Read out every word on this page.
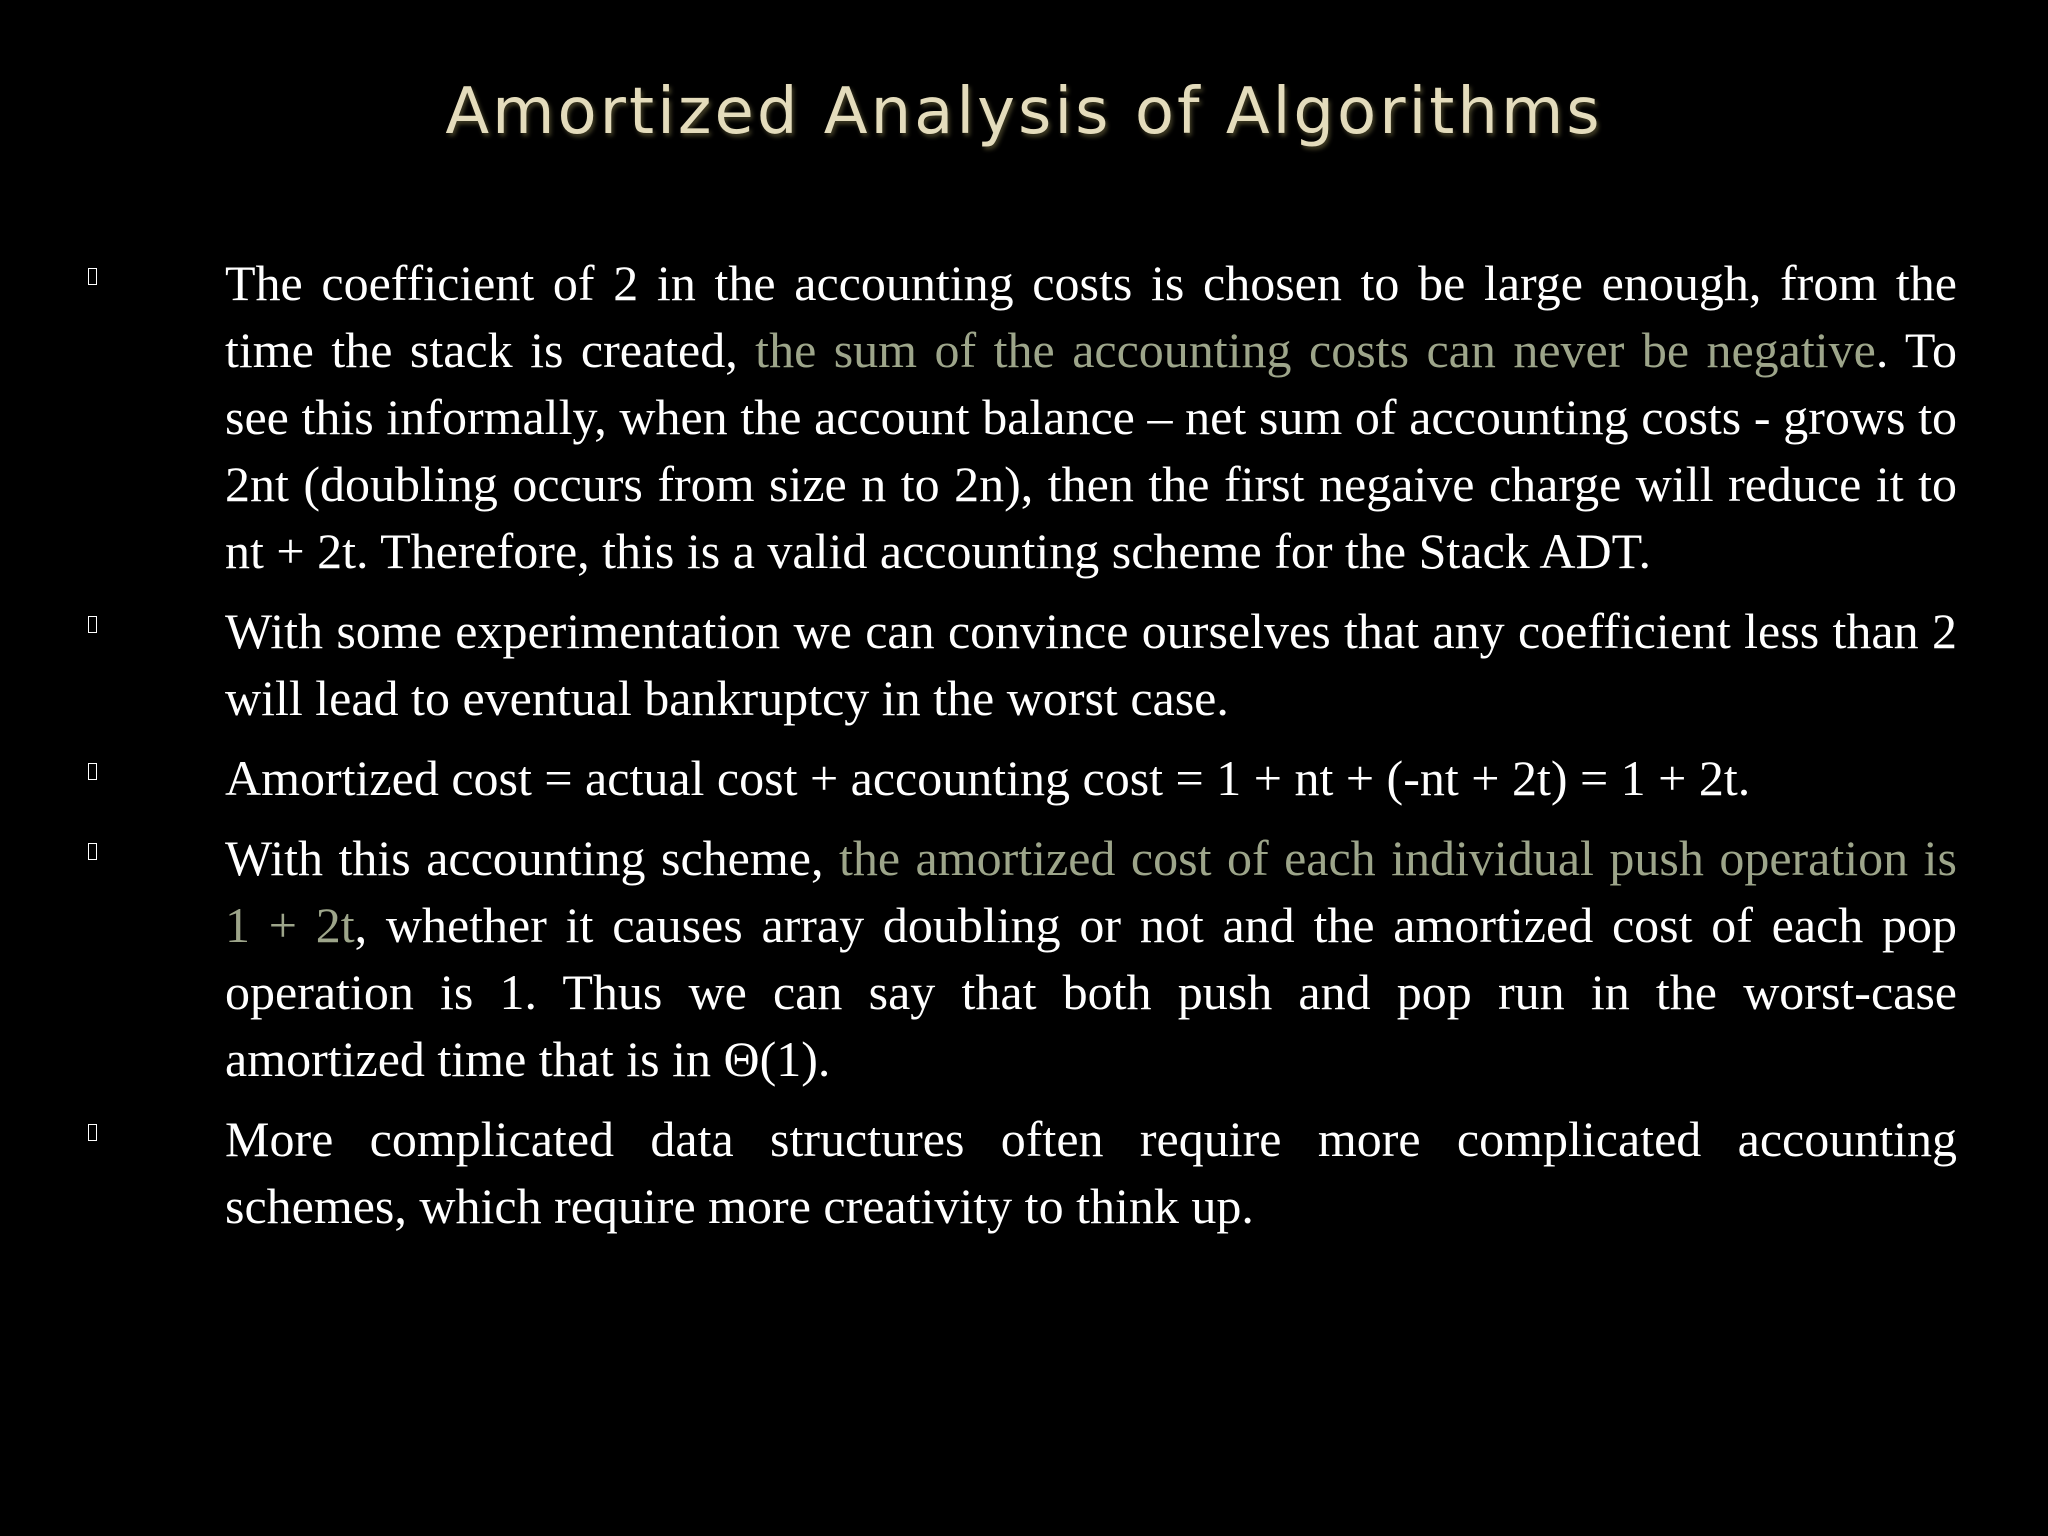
Amortized Analysis of Algorithms
The coefficient of 2 in the accounting costs is chosen to be large enough, from the time the stack is created, the sum of the accounting costs can never be negative. To see this informally, when the account balance – net sum of accounting costs - grows to 2nt (doubling occurs from size n to 2n), then the first negaive charge will reduce it to nt + 2t. Therefore, this is a valid accounting scheme for the Stack ADT.
With some experimentation we can convince ourselves that any coefficient less than 2 will lead to eventual bankruptcy in the worst case.
Amortized cost = actual cost + accounting cost = 1 + nt + (-nt + 2t) = 1 + 2t.
With this accounting scheme, the amortized cost of each individual push operation is 1 + 2t, whether it causes array doubling or not and the amortized cost of each pop operation is 1. Thus we can say that both push and pop run in the worst-case amortized time that is in Θ(1).
More complicated data structures often require more complicated accounting schemes, which require more creativity to think up.
